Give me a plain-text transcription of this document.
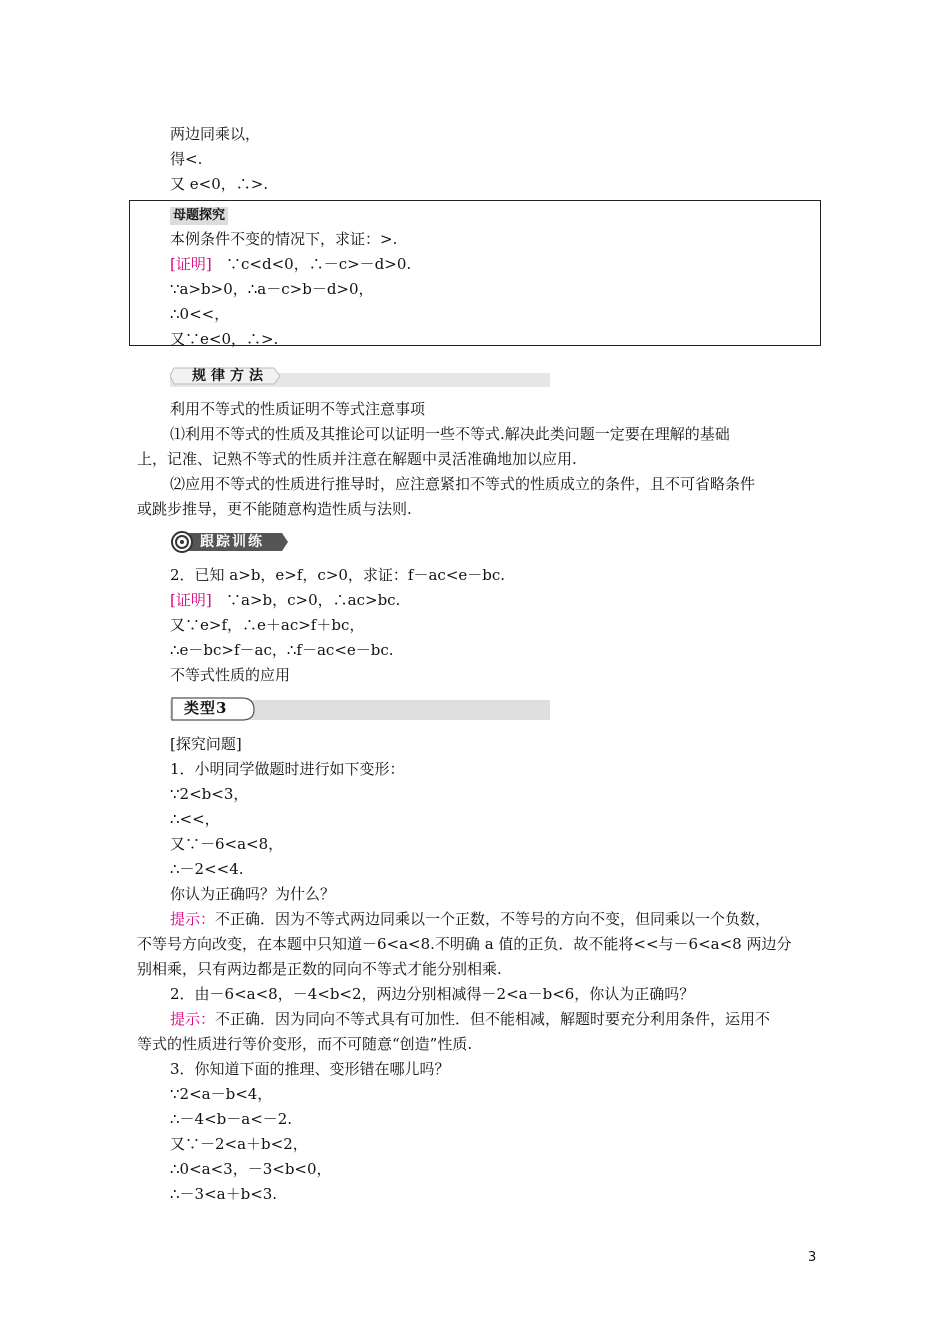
两边同乘以，
得<.
又 e<0，∴>.
母题探究
本例条件不变的情况下，求证：>.
[证明] ∵c<d<0，∴－c>－d>0.
∵a>b>0，∴a－c>b－d>0，
∴0<<，
又∵e<0，∴>.
规律方法
利用不等式的性质证明不等式注意事项
⑴利用不等式的性质及其推论可以证明一些不等式.解决此类问题一定要在理解的基础
上，记准、记熟不等式的性质并注意在解题中灵活准确地加以应用.
⑵应用不等式的性质进行推导时，应注意紧扣不等式的性质成立的条件，且不可省略条件
或跳步推导，更不能随意构造性质与法则.
跟踪训练
2．已知 a>b，e>f，c>0，求证：f－ac<e－bc.
[证明] ∵a>b，c>0，∴ac>bc.
又∵e>f，∴e＋ac>f＋bc，
∴e－bc>f－ac，∴f－ac<e－bc.
不等式性质的应用
类型3
[探究问题]
1．小明同学做题时进行如下变形：
∵2<b<3，
∴<<，
又∵－6<a<8，
∴－2<<4.
你认为正确吗？为什么？
提示：不正确．因为不等式两边同乘以一个正数，不等号的方向不变，但同乘以一个负数，
不等号方向改变，在本题中只知道－6<a<8.不明确 a 值的正负．故不能将<<与－6<a<8 两边分
别相乘，只有两边都是正数的同向不等式才能分别相乘.
2．由－6<a<8，－4<b<2，两边分别相减得－2<a－b<6，你认为正确吗？
提示：不正确．因为同向不等式具有可加性．但不能相减，解题时要充分利用条件，运用不
等式的性质进行等价变形，而不可随意“创造”性质.
3．你知道下面的推理、变形错在哪儿吗？
∵2<a－b<4，
∴－4<b－a<－2.
又∵－2<a＋b<2，
∴0<a<3，－3<b<0，
∴－3<a＋b<3.
3
